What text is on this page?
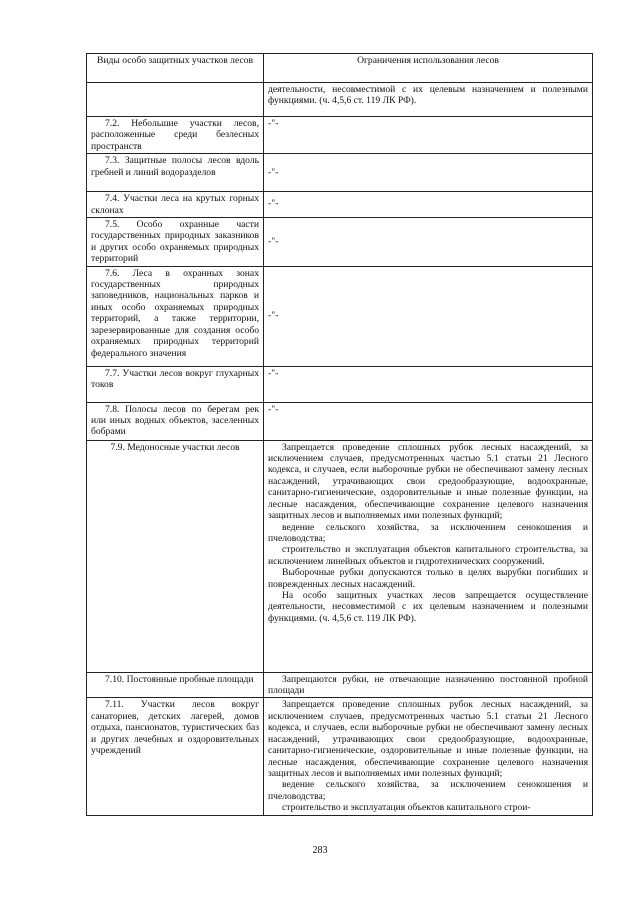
Виды особо защитных участков лесов	Ограничения использования лесов

	деятельности, несовместимой с их целевым назначением и полезными функциями. (ч. 4,5,6 ст. 119 ЛК РФ).

7.2. Небольшие участки лесов, расположенные среди безлесных пространств	-"-
7.3. Защитные полосы лесов вдоль гребней и линий водоразделов	-"-
7.4. Участки леса на крутых горных склонах	-"-
7.5. Особо охранные части государственных природных заказников и других особо охраняемых природных территорий	-"-
7.6. Леса в охранных зонах государственных природных заповедников, национальных парков и иных особо охраняемых природных территорий, а также территории, зарезервированные для создания особо охраняемых природных территорий федерального значения	-"-
7.7. Участки лесов вокруг глухарных токов	-"-
7.8. Полосы лесов по берегам рек или иных водных объектов, заселенных бобрами	-"-
7.9. Медоносные участки лесов	Запрещается проведение сплошных рубок лесных насаждений, за исключением случаев, предусмотренных частью 5.1 статьи 21 Лесного кодекса, и случаев, если выборочные рубки не обеспечивают замену лесных насаждений, утрачивающих свои средообразующие, водоохранные, санитарно-гигиенические, оздоровительные и иные полезные функции, на лесные насаждения, обеспечивающие сохранение целевого назначения защитных лесов и выполняемых ими полезных функций;

ведение сельского хозяйства, за исключением сенокошения и пчеловодства;

строительство и эксплуатация объектов капитального строительства, за исключением линейных объектов и гидротехнических сооружений.

Выборочные рубки допускаются только в целях вырубки погибших и поврежденных лесных насаждений.

На особо защитных участках лесов запрещается осуществление деятельности, несовместимой с их целевым назначением и полезными функциями. (ч. 4,5,6 ст. 119 ЛК РФ).

7.10. Постоянные пробные площади	Запрещаются рубки, не отвечающие назначению постоянной пробной площади

7.11. Участки лесов вокруг санаториев, детских лагерей, домов отдыха, пансионатов, туристических баз и других лечебных и оздоровительных учреждений	Запрещается проведение сплошных рубок лесных насаждений, за исключением случаев, предусмотренных частью 5.1 статьи 21 Лесного кодекса, и случаев, если выборочные рубки не обеспечивают замену лесных насаждений, утрачивающих свои средообразующие, водоохранные, санитарно-гигиенические, оздоровительные и иные полезные функции, на лесные насаждения, обеспечивающие сохранение целевого назначения защитных лесов и выполняемых ими полезных функций;

ведение сельского хозяйства, за исключением сенокошения и пчеловодства;

строительство и эксплуатация объектов капитального строи-

283
